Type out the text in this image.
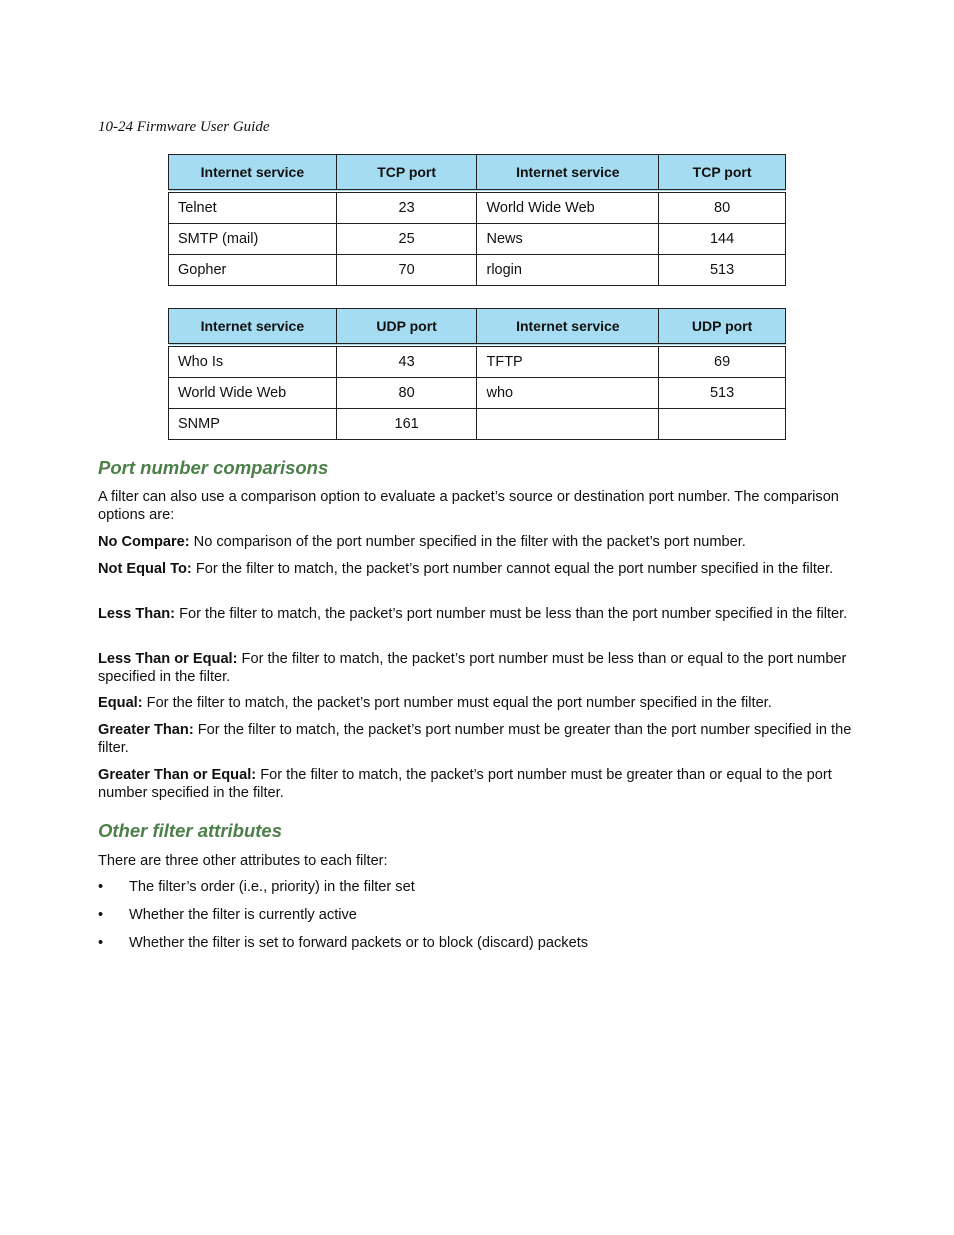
10-24 Firmware User Guide
Internet service	TCP port	Internet service	TCP port
Telnet	23	World Wide Web	80
SMTP (mail)	25	News	144
Gopher	70	rlogin	513
Internet service	UDP port	Internet service	UDP port
Who Is	43	TFTP	69
World Wide Web	80	who	513
SNMP	161		
Port number comparisons

A filter can also use a comparison option to evaluate a packet’s source or destination port number. The comparison options are:

No Compare: No comparison of the port number specified in the filter with the packet’s port number.

Not Equal To: For the filter to match, the packet’s port number cannot equal the port number specified in the filter.

Less Than: For the filter to match, the packet’s port number must be less than the port number specified in the filter.

Less Than or Equal: For the filter to match, the packet’s port number must be less than or equal to the port number specified in the filter.

Equal: For the filter to match, the packet’s port number must equal the port number specified in the filter.

Greater Than: For the filter to match, the packet’s port number must be greater than the port number specified in the filter.

Greater Than or Equal: For the filter to match, the packet’s port number must be greater than or equal to the port number specified in the filter.

Other filter attributes

There are three other attributes to each filter:

• The filter’s order (i.e., priority) in the filter set
• Whether the filter is currently active
• Whether the filter is set to forward packets or to block (discard) packets
